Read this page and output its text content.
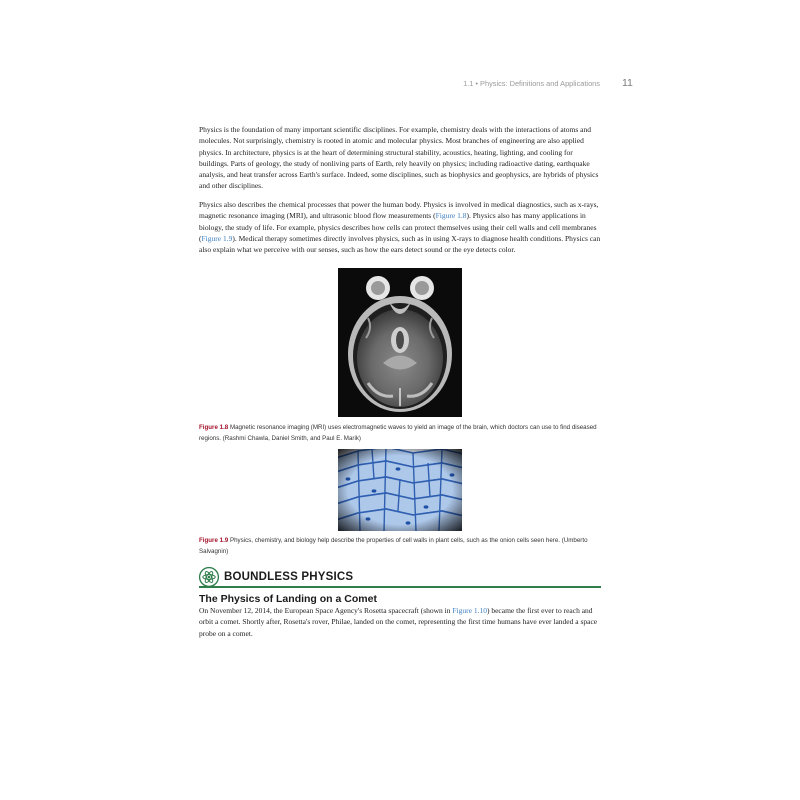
1.1 • Physics: Definitions and Applications 11

Physics is the foundation of many important scientific disciplines. For example, chemistry deals with the interactions of atoms and molecules. Not surprisingly, chemistry is rooted in atomic and molecular physics. Most branches of engineering are also applied physics. In architecture, physics is at the heart of determining structural stability, acoustics, heating, lighting, and cooling for buildings. Parts of geology, the study of nonliving parts of Earth, rely heavily on physics; including radioactive dating, earthquake analysis, and heat transfer across Earth's surface. Indeed, some disciplines, such as biophysics and geophysics, are hybrids of physics and other disciplines.

Physics also describes the chemical processes that power the human body. Physics is involved in medical diagnostics, such as x-rays, magnetic resonance imaging (MRI), and ultrasonic blood flow measurements (Figure 1.8). Physics also has many applications in biology, the study of life. For example, physics describes how cells can protect themselves using their cell walls and cell membranes (Figure 1.9). Medical therapy sometimes directly involves physics, such as in using X-rays to diagnose health conditions. Physics can also explain what we perceive with our senses, such as how the ears detect sound or the eye detects color.

Figure 1.8 Magnetic resonance imaging (MRI) uses electromagnetic waves to yield an image of the brain, which doctors can use to find diseased regions. (Rashmi Chawla, Daniel Smith, and Paul E. Marik)

Figure 1.9 Physics, chemistry, and biology help describe the properties of cell walls in plant cells, such as the onion cells seen here. (Umberto Salvagnin)

BOUNDLESS PHYSICS
The Physics of Landing on a Comet

On November 12, 2014, the European Space Agency's Rosetta spacecraft (shown in Figure 1.10) became the first ever to reach and orbit a comet. Shortly after, Rosetta's rover, Philae, landed on the comet, representing the first time humans have ever landed a space probe on a comet.
